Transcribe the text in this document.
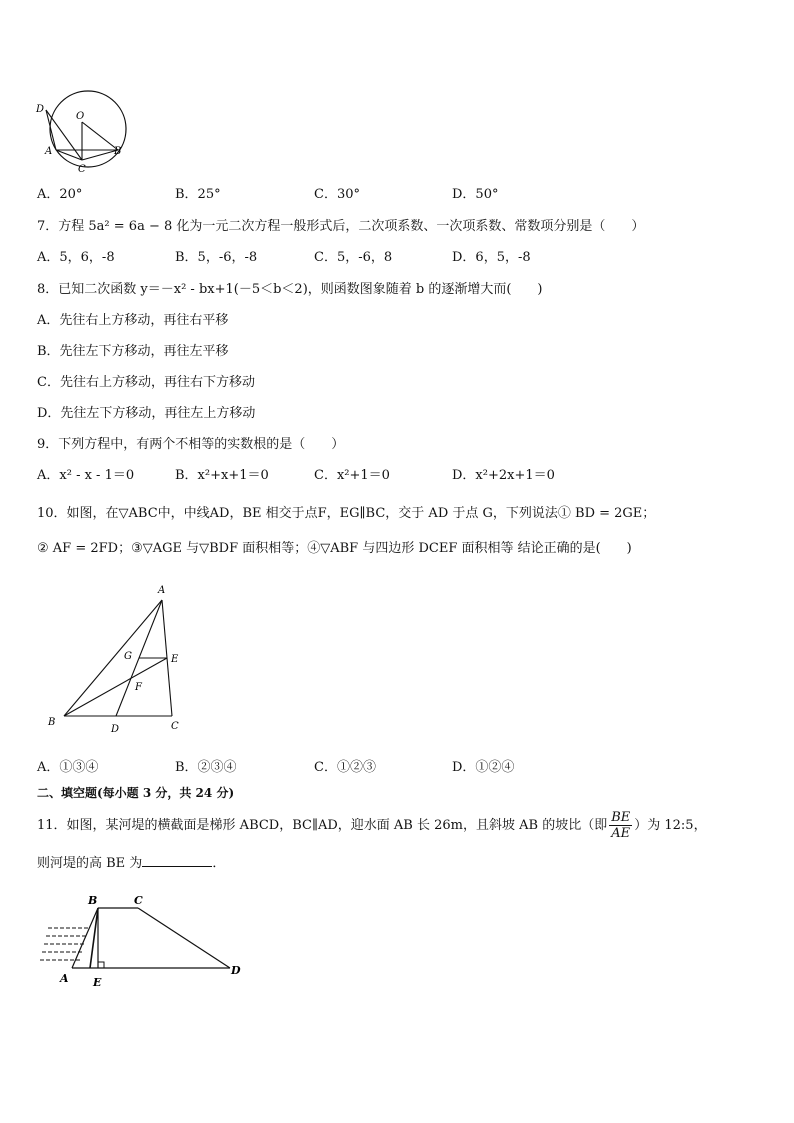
D
O
A	B
C
A．20°	B．25°	C．30°	D．50°
7．方程 5a² = 6a − 8 化为一元二次方程一般形式后，二次项系数、一次项系数、常数项分别是（　　）
A．5，6，-8	B．5，-6，-8	C．5，-6，8	D．6，5，-8
8．已知二次函数 y＝－x² - bx+1(－5＜b＜2)，则函数图象随着 b 的逐渐增大而(　　)
A．先往右上方移动，再往右平移
B．先往左下方移动，再往左平移
C．先往右上方移动，再往右下方移动
D．先往左下方移动，再往左上方移动
9．下列方程中，有两个不相等的实数根的是（　　）
A．x² - x - 1＝0	B．x²+x+1＝0	C．x²+1＝0	D．x²+2x+1＝0
10．如图，在▽ABC中，中线AD，BE 相交于点F，EG∥BC，交于 AD 于点 G，下列说法① BD = 2GE；
② AF = 2FD；③▽AGE 与▽BDF 面积相等；④▽ABF 与四边形 DCEF 面积相等 结论正确的是(　　)
A
B	C
D
E
F
G
A．①③④	B．②③④	C．①②③	D．①②④
二、填空题(每小题 3 分，共 24 分)
11．如图，某河堤的横截面是梯形 ABCD，BC∥AD，迎水面 AB 长 26m，且斜坡 AB 的坡比（即 $\frac{BE}{AE}$ ）为 12:5，
则河堤的高 BE 为	．
B	C
A E
D
